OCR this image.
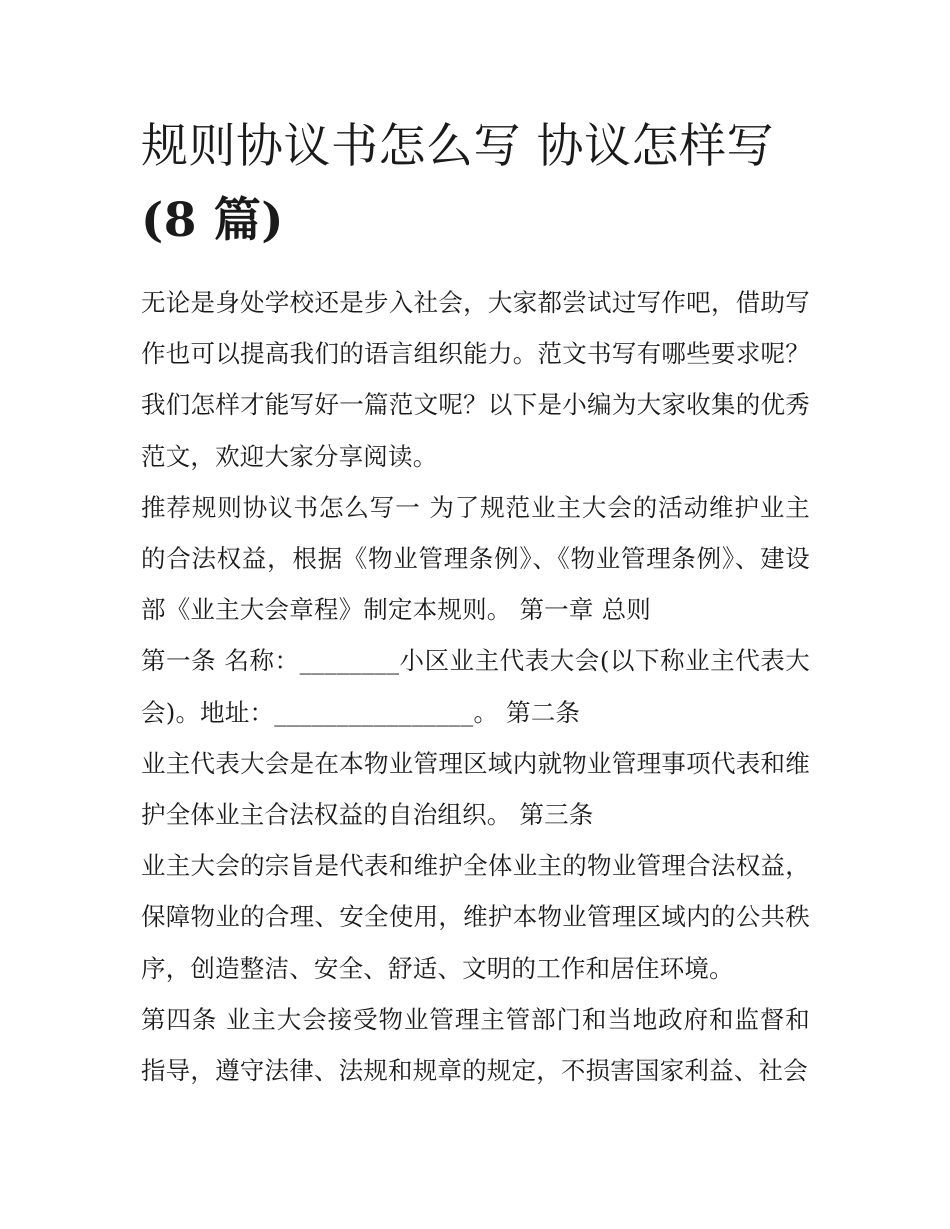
规则协议书怎么写 协议怎样写
(8 篇)

无论是身处学校还是步入社会，大家都尝试过写作吧，借助写作也可以提高我们的语言组织能力。范文书写有哪些要求呢？我们怎样才能写好一篇范文呢？以下是小编为大家收集的优秀范文，欢迎大家分享阅读。

推荐规则协议书怎么写一 为了规范业主大会的活动维护业主的合法权益，根据《物业管理条例》、《物业管理条例》、建设部《业主大会章程》制定本规则。 第一章 总则

第一条 名称：________小区业主代表大会(以下称业主代表大会)。地址：________________。 第二条

业主代表大会是在本物业管理区域内就物业管理事项代表和维护全体业主合法权益的自治组织。 第三条

业主大会的宗旨是代表和维护全体业主的物业管理合法权益，保障物业的合理、安全使用，维护本物业管理区域内的公共秩序，创造整洁、安全、舒适、文明的工作和居住环境。

第四条 业主大会接受物业管理主管部门和当地政府和监督和指导，遵守法律、法规和规章的规定，不损害国家利益、社会
